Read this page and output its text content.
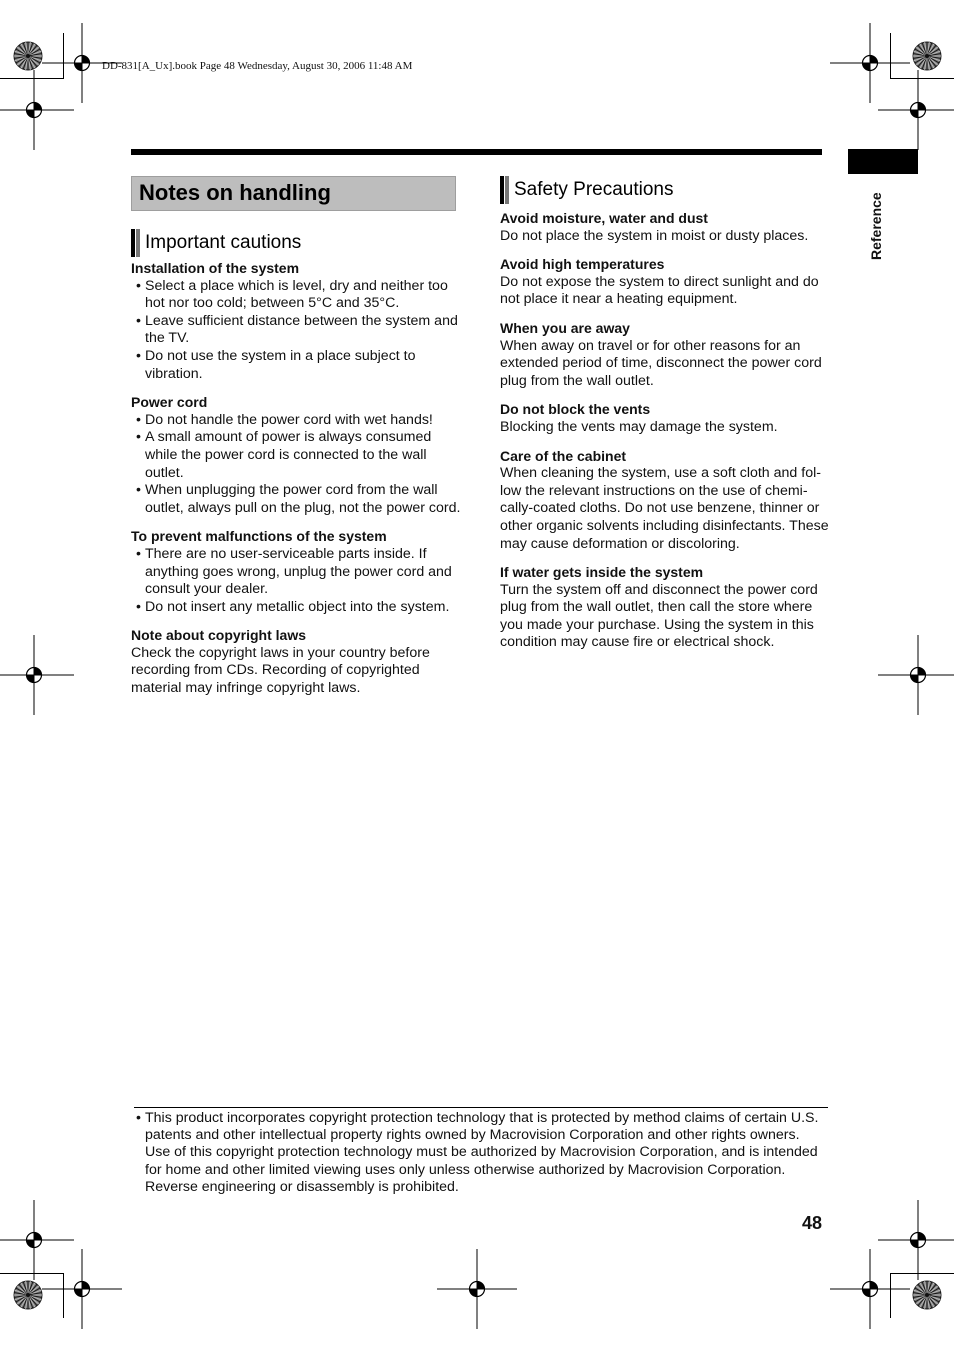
DD-831[A_Ux].book Page 48 Wednesday, August 30, 2006 11:48 AM
Reference
Notes on handling
Important cautions
Installation of the system
• Select a place which is level, dry and neither too hot nor too cold; between 5°C and 35°C.
• Leave sufficient distance between the system and the TV.
• Do not use the system in a place subject to vibration.
Power cord
• Do not handle the power cord with wet hands!
• A small amount of power is always consumed while the power cord is connected to the wall outlet.
• When unplugging the power cord from the wall outlet, always pull on the plug, not the power cord.
To prevent malfunctions of the system
• There are no user-serviceable parts inside. If anything goes wrong, unplug the power cord and consult your dealer.
• Do not insert any metallic object into the system.
Note about copyright laws

Check the copyright laws in your country before recording from CDs. Recording of copyrighted material may infringe copyright laws.

Safety Precautions
Avoid moisture, water and dust

Do not place the system in moist or dusty places.

Avoid high temperatures

Do not expose the system to direct sunlight and do not place it near a heating equipment.

When you are away

When away on travel or for other reasons for an extended period of time, disconnect the power cord plug from the wall outlet.

Do not block the vents

Blocking the vents may damage the system.

Care of the cabinet

When cleaning the system, use a soft cloth and fol-low the relevant instructions on the use of chemi-cally-coated cloths. Do not use benzene, thinner or other organic solvents including disinfectants. These may cause deformation or discoloring.

If water gets inside the system

Turn the system off and disconnect the power cord plug from the wall outlet, then call the store where you made your purchase. Using the system in this condition may cause fire or electrical shock.

• This product incorporates copyright protection technology that is protected by method claims of certain U.S. patents and other intellectual property rights owned by Macrovision Corporation and other rights owners. Use of this copyright protection technology must be authorized by Macrovision Corporation, and is intended for home and other limited viewing uses only unless otherwise authorized by Macrovision Corporation. Reverse engineering or disassembly is prohibited.
48
